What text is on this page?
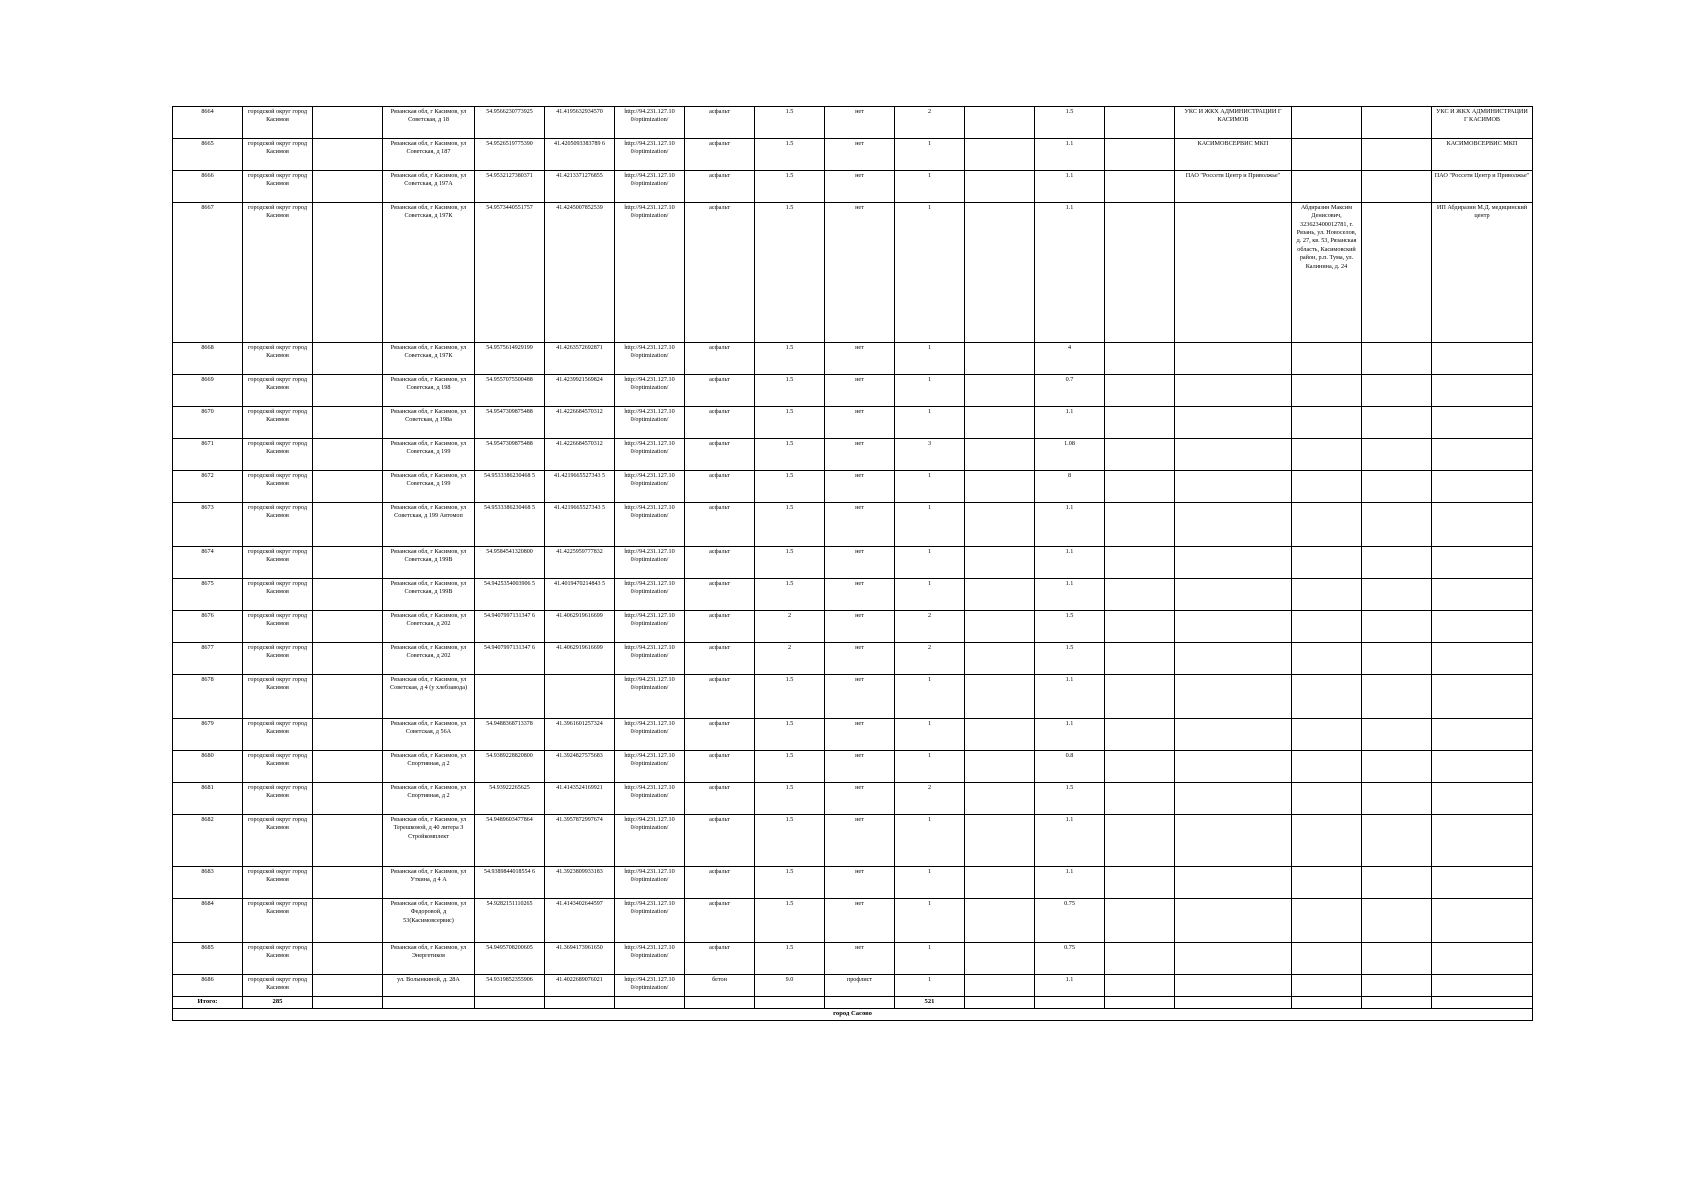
8664	городской округ город Касимов		Рязанская обл, г Касимов, ул Советская, д 18	54.9566230773925	41.4195632934570	http://94.231.127.10 0/optimization/	асфальт	1.5	нет	2		1.5		УКС И ЖКХ АДМИНИСТРАЦИИ Г КАСИМОВ			УКС И ЖКХ АДМИНИСТРАЦИИ Г КАСИМОВ
8665	городской округ город Касимов		Рязанская обл, г Касимов, ул Советская, д 187	54.9526519775390	41.4205093383789 6	http://94.231.127.10 0/optimization/	асфальт	1.5	нет	1		1.1		КАСИМОВСЕРВИС МКП			КАСИМОВСЕРВИС МКП
8666	городской округ город Касимов		Рязанская обл, г Касимов, ул Советская, д 197А	54.9532127380371	41.4213371276855	http://94.231.127.10 0/optimization/	асфальт	1.5	нет	1		1.1		ПАО "Россети Центр и Приволжье"			ПАО "Россети Центр и Приволжье"
8667	городской округ город Касимов		Рязанская обл, г Касимов, ул Советская, д 197К	54.9573440551757	41.4245007852539	http://94.231.127.10 0/optimization/	асфальт	1.5	нет	1		1.1			Абдиразин Максим Денисович, 323623400012781, г. Рязань, ул. Новоселов, д. 27, кв. 53, Рязанская область, Касимовский район, р.п. Тума, ул. Калинина, д. 24		ИП Абдиразин М.Д. медицинский центр
8668	городской округ город Касимов		Рязанская обл, г Касимов, ул Советская, д 197К	54.9575614929199	41.4263572692871	http://94.231.127.10 0/optimization/	асфальт	1.5	нет	1		4					
8669	городской округ город Касимов		Рязанская обл, г Касимов, ул Советская, д 198	54.9557075500488	41.4239921569824	http://94.231.127.10 0/optimization/	асфальт	1.5	нет	1		0.7					
8670	городской округ город Касимов		Рязанская обл, г Касимов, ул Советская, д 198а	54.9547309875488	41.4226684570312	http://94.231.127.10 0/optimization/	асфальт	1.5	нет	1		1.1					
8671	городской округ город Касимов		Рязанская обл, г Касимов, ул Советская, д 199	54.9547309875488	41.4226684570312	http://94.231.127.10 0/optimization/	асфальт	1.5	нет	3		1.08					
8672	городской округ город Касимов		Рязанская обл, г Касимов, ул Советская, д 199	54.9533386230468 5	41.4219665527343 5	http://94.231.127.10 0/optimization/	асфальт	1.5	нет	1		8					
8673	городской округ город Касимов		Рязанская обл, г Касимов, ул Советская, д 199 Автомоп	54.9533386230468 5	41.4219665527343 5	http://94.231.127.10 0/optimization/	асфальт	1.5	нет	1		1.1					
8674	городской округ город Касимов		Рязанская обл, г Касимов, ул Советская, д 199В	54.9584541320800	41.4225959777832	http://94.231.127.10 0/optimization/	асфальт	1.5	нет	1		1.1					
8675	городской округ город Касимов		Рязанская обл, г Касимов, ул Советская, д 199В	54.9425354003906 5	41.4019470214843 5	http://94.231.127.10 0/optimization/	асфальт	1.5	нет	1		1.1					
8676	городской округ город Касимов		Рязанская обл, г Касимов, ул Советская, д 202	54.9407997131347 6	41.4062919616699	http://94.231.127.10 0/optimization/	асфальт	2	нет	2		1.5					
8677	городской округ город Касимов		Рязанская обл, г Касимов, ул Советская, д 202	54.9407997131347 6	41.4062919616699	http://94.231.127.10 0/optimization/	асфальт	2	нет	2		1.5					
8678	городской округ город Касимов		Рязанская обл, г Касимов, ул Советская, д 4 (у хлебзавода)			http://94.231.127.10 0/optimization/	асфальт	1.5	нет	1		1.1					
8679	городской округ город Касимов		Рязанская обл, г Касимов, ул Советская, д 56А	54.9488368713378	41.3961601257324	http://94.231.127.10 0/optimization/	асфальт	1.5	нет	1		1.1					
8680	городской округ город Касимов		Рязанская обл, г Касимов, ул Спортивная, д 2	54.9389228820800	41.3924827575683	http://94.231.127.10 0/optimization/	асфальт	1.5	нет	1		0.8					
8681	городской округ город Касимов		Рязанская обл, г Касимов, ул Спортивная, д 2	54.93922265625	41.4143524169921	http://94.231.127.10 0/optimization/	асфальт	1.5	нет	2		1.5					
8682	городской округ город Касимов		Рязанская обл, г Касимов, ул Терешковой, д 40 литера З Стройкомплект	54.9489603477864	41.3957872997674	http://94.231.127.10 0/optimization/	асфальт	1.5	нет	1		1.1					
8683	городской округ город Касимов		Рязанская обл, г Касимов, ул Уткина, д 4 А	54.9389844018554 6	41.3923809933183	http://94.231.127.10 0/optimization/	асфальт	1.5	нет	1		1.1					
8684	городской округ город Касимов		Рязанская обл, г Касимов, ул Федоровой, д 53(Касимовсервис)	54.9282151110265	41.4143402644597	http://94.231.127.10 0/optimization/	асфальт	1.5	нет	1		0.75					
8685	городской округ город Касимов		Рязанская обл, г Касимов, ул Энергетиков	54.9495708200605	41.3694173961650	http://94.231.127.10 0/optimization/	асфальт	1.5	нет	1		0.75					
8686	городской округ город Касимов		ул. Волынкиной, д. 28А	54.9319852355906	41.4022689076021	http://94.231.127.10 0/optimization/	бетон	9.0	профлист	1		1.1					
Итого:	285									521							
город Сасово																	
